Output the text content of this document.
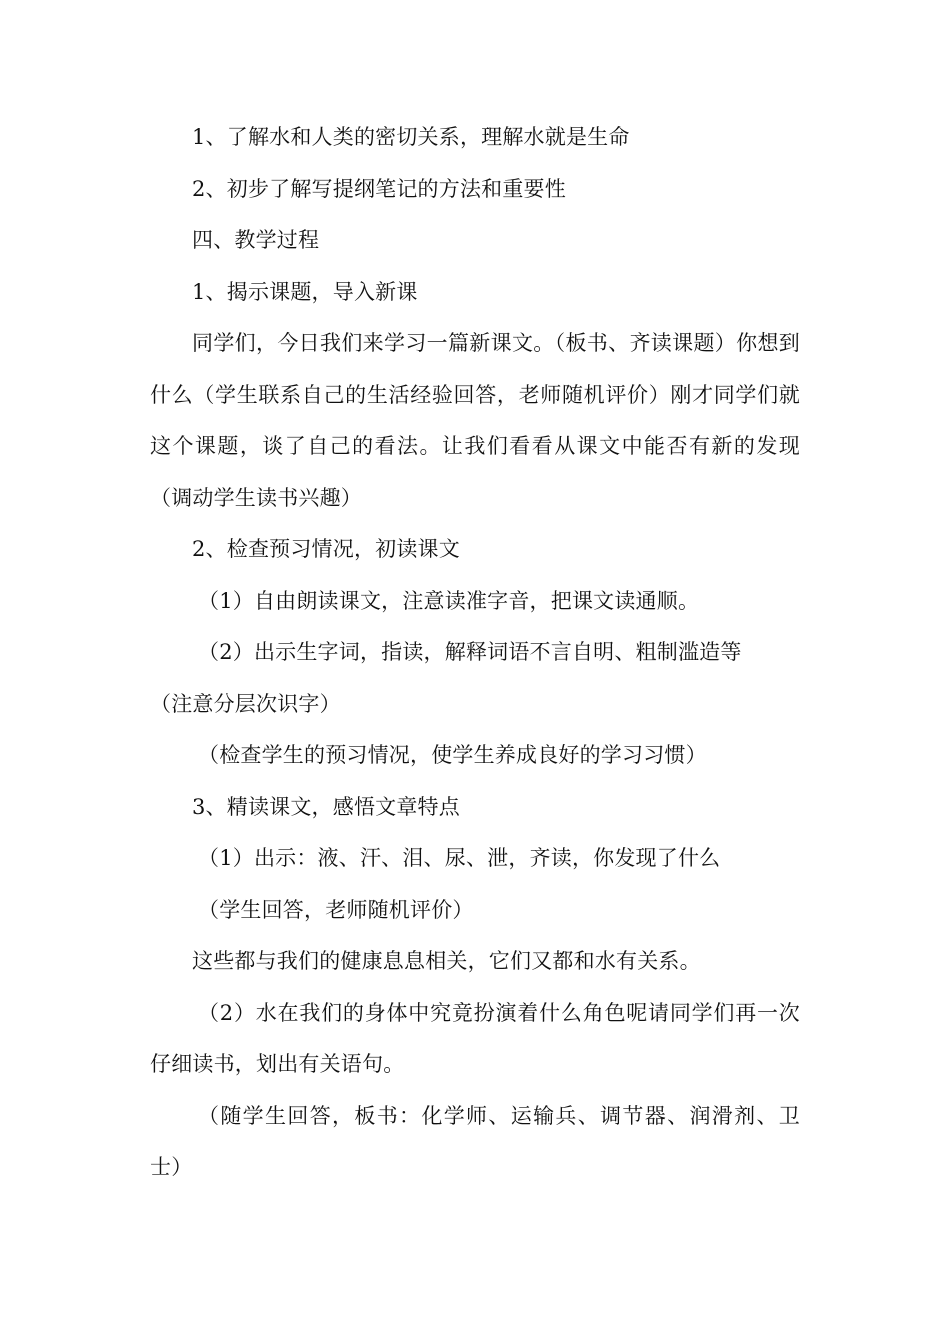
1、了解水和人类的密切关系，理解水就是生命

2、初步了解写提纲笔记的方法和重要性

四、教学过程

1、揭示课题，导入新课

同学们，今日我们来学习一篇新课文。（板书、齐读课题）你想到什么（学生联系自己的生活经验回答，老师随机评价）刚才同学们就这个课题，谈了自己的看法。让我们看看从课文中能否有新的发现（调动学生读书兴趣）

2、检查预习情况，初读课文

（1）自由朗读课文，注意读准字音，把课文读通顺。

（2）出示生字词，指读，解释词语不言自明、粗制滥造等

（注意分层次识字）

（检查学生的预习情况，使学生养成良好的学习习惯）

3、精读课文，感悟文章特点

（1）出示：液、汗、泪、尿、泄，齐读，你发现了什么

（学生回答，老师随机评价）

这些都与我们的健康息息相关，它们又都和水有关系。

（2）水在我们的身体中究竟扮演着什么角色呢请同学们再一次仔细读书，划出有关语句。

（随学生回答，板书：化学师、运输兵、调节器、润滑剂、卫士）
